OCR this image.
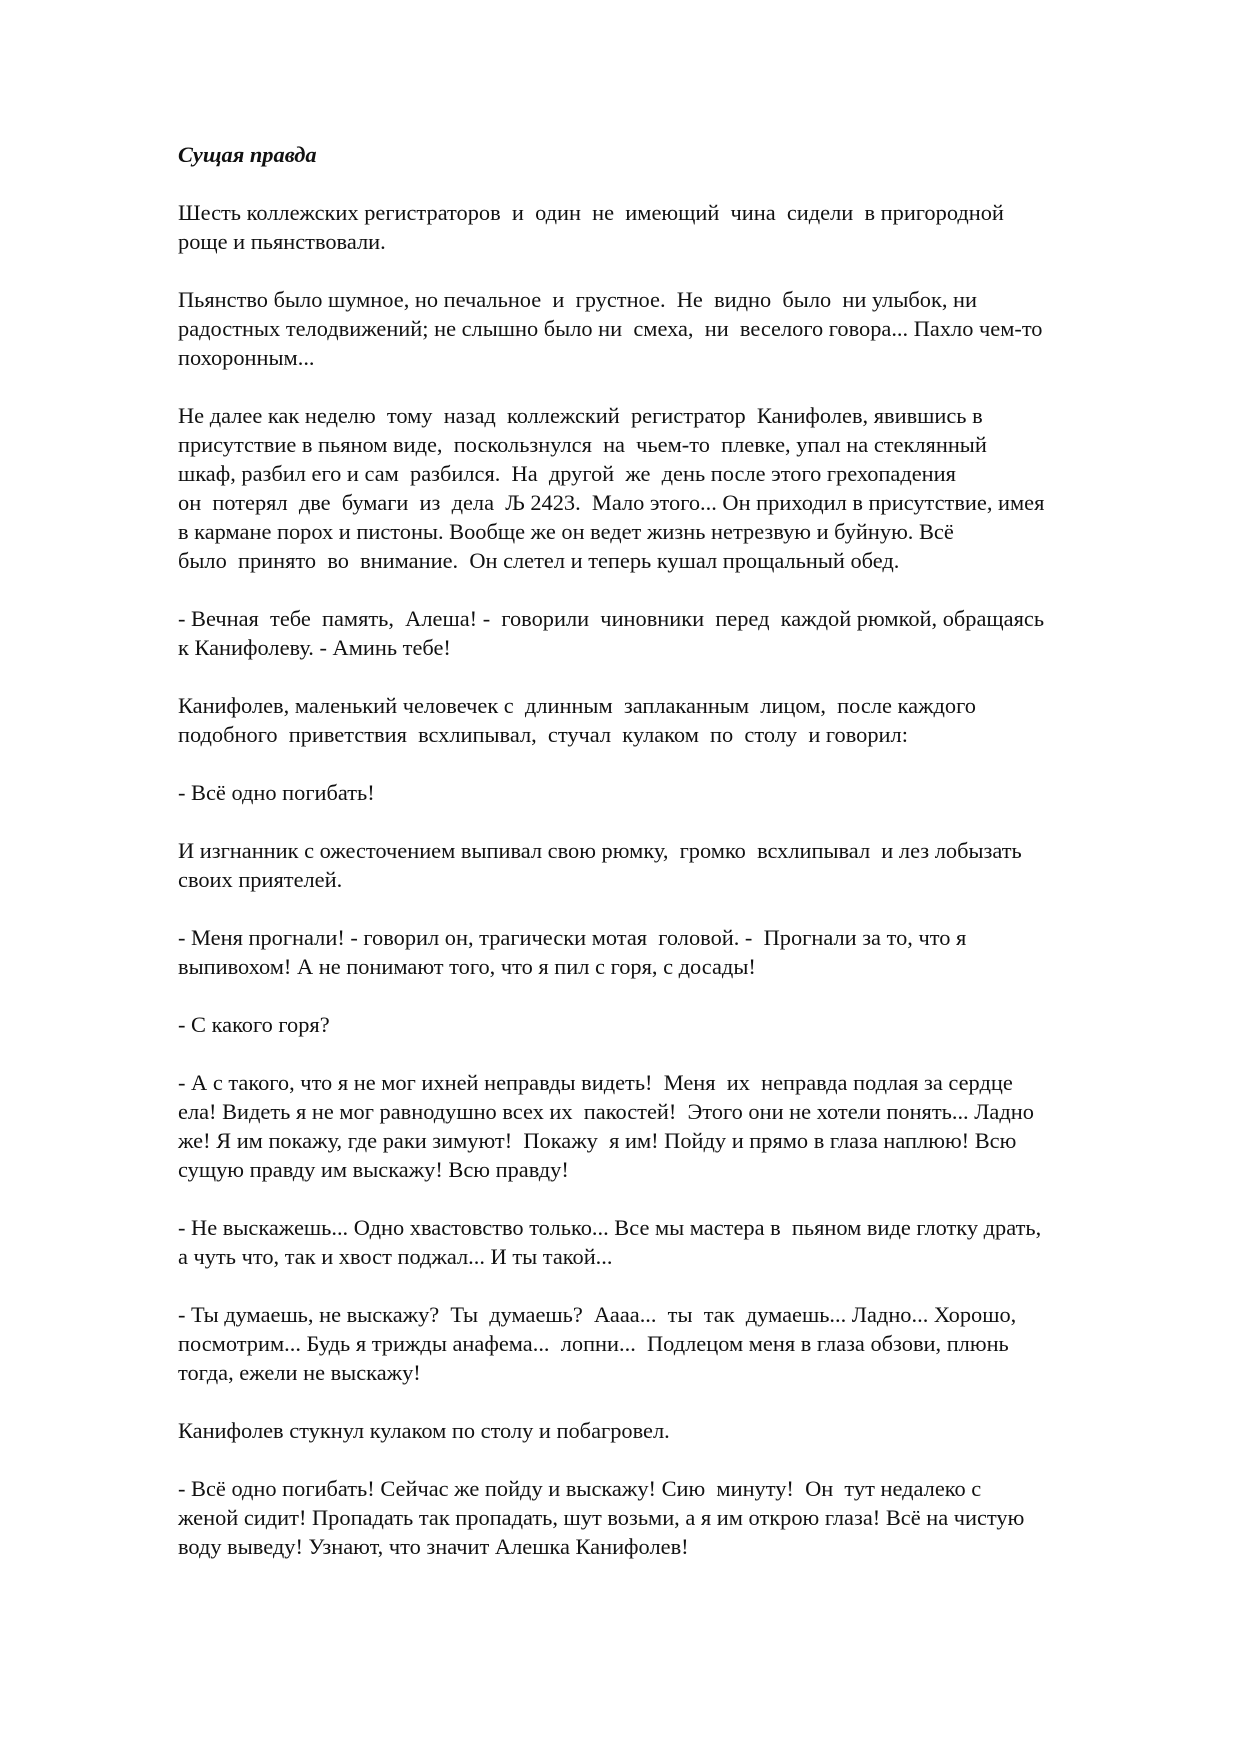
Сущая правда
Шесть коллежских регистраторов  и  один  не  имеющий  чина  сидели  в пригородной
роще и пьянствовали.
Пьянство было шумное, но печальное  и  грустное.  Не  видно  было  ни улыбок, ни
радостных телодвижений; не слышно было ни  смеха,  ни  веселого говора... Пахло чем-то
похоронным...
Не далее как неделю  тому  назад  коллежский  регистратор  Канифолев, явившись в
присутствие в пьяном виде,  поскользнулся  на  чьем-то  плевке, упал на стеклянный
шкаф, разбил его и сам  разбился.  На  другой  же  день после этого грехопадения
он  потерял  две  бумаги  из  дела  Љ 2423.  Мало этого... Он приходил в присутствие, имея
в кармане порох и пистоны. Вообще же он ведет жизнь нетрезвую и буйную. Всё
было  принято  во  внимание.  Он слетел и теперь кушал прощальный обед.
- Вечная  тебе  память,  Алеша! -  говорили  чиновники  перед  каждой рюмкой, обращаясь
к Канифолеву. - Аминь тебе!
Канифолев, маленький человечек с  длинным  заплаканным  лицом,  после каждого
подобного  приветствия  всхлипывал,  стучал  кулаком  по  столу  и говорил:
- Всё одно погибать!
И изгнанник с ожесточением выпивал свою рюмку,  громко  всхлипывал  и лез лобызать
своих приятелей.
- Меня прогнали! - говорил он, трагически мотая  головой. -  Прогнали за то, что я
выпивохом! А не понимают того, что я пил с горя, с досады!
- С какого горя?
- А с такого, что я не мог ихней неправды видеть!  Меня  их  неправда подлая за сердце
ела! Видеть я не мог равнодушно всех их  пакостей!  Этого они не хотели понять... Ладно
же! Я им покажу, где раки зимуют!  Покажу  я им! Пойду и прямо в глаза наплюю! Всю
сущую правду им выскажу! Всю правду!
- Не выскажешь... Одно хвастовство только... Все мы мастера в  пьяном виде глотку драть,
а чуть что, так и хвост поджал... И ты такой...
- Ты думаешь, не выскажу?  Ты  думаешь?  Аааа...  ты  так  думаешь... Ладно... Хорошо,
посмотрим... Будь я трижды анафема...  лопни...  Подлецом меня в глаза обзови, плюнь
тогда, ежели не выскажу!
Канифолев стукнул кулаком по столу и побагровел.
- Всё одно погибать! Сейчас же пойду и выскажу! Сию  минуту!  Он  тут недалеко с
женой сидит! Пропадать так пропадать, шут возьми, а я им открою глаза! Всё на чистую
воду выведу! Узнают, что значит Алешка Канифолев!
